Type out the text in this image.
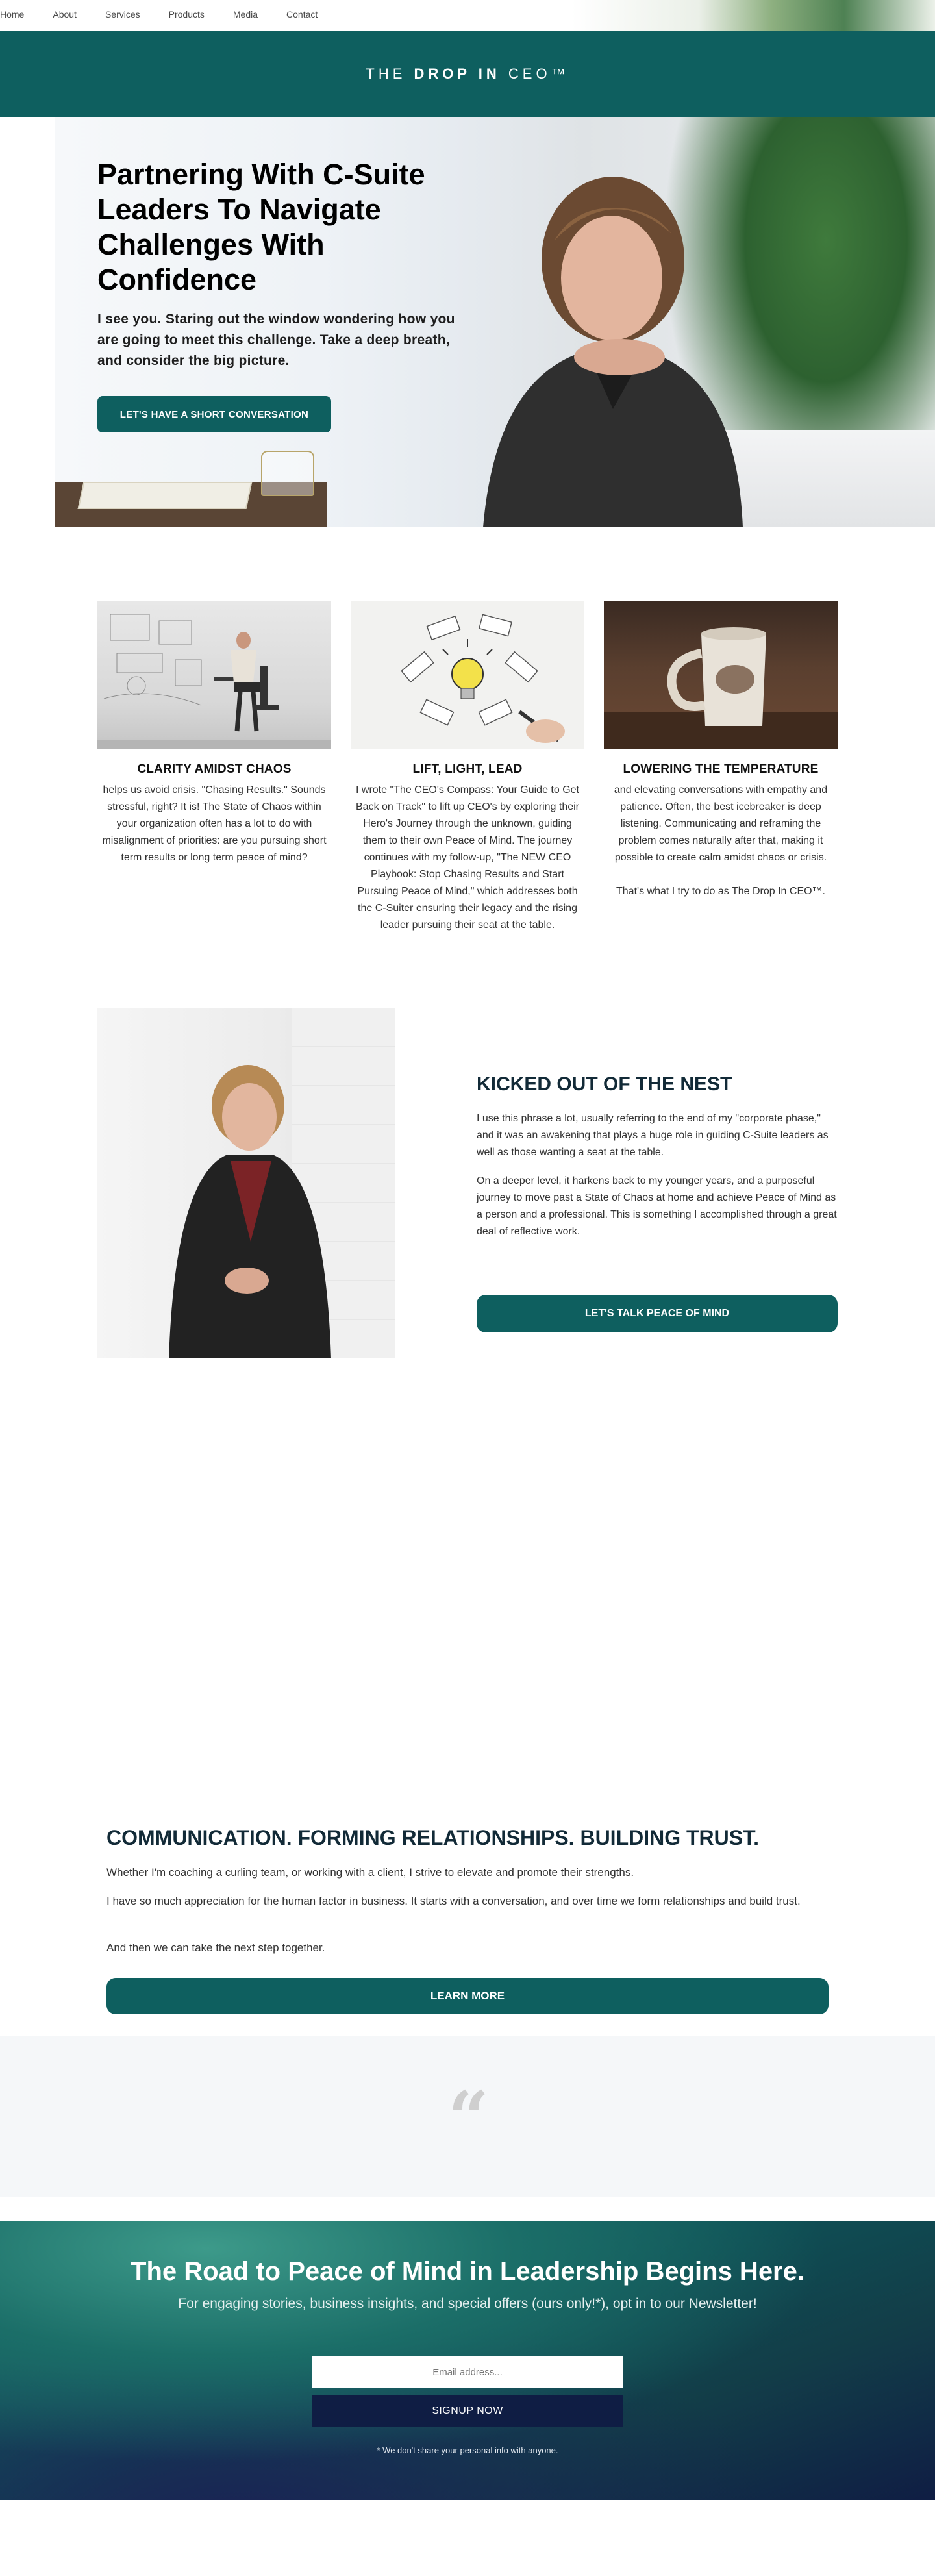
Home	About	Services	Products	Media	Contact
THE DROP IN CEO™
Partnering With C-Suite Leaders To Navigate Challenges With Confidence

I see you. Staring out the window wondering how you are going to meet this challenge. Take a deep breath, and consider the big picture.

LET'S HAVE A SHORT CONVERSATION
CLARITY AMIDST CHAOS

helps us avoid crisis. "Chasing Results." Sounds stressful, right? It is! The State of Chaos within your organization often has a lot to do with misalignment of priorities: are you pursuing short term results or long term peace of mind?

LIFT, LIGHT, LEAD

I wrote "The CEO's Compass: Your Guide to Get Back on Track" to lift up CEO's by exploring their Hero's Journey through the unknown, guiding them to their own Peace of Mind. The journey continues with my follow-up, "The NEW CEO Playbook: Stop Chasing Results and Start Pursuing Peace of Mind," which addresses both the C-Suiter ensuring their legacy and the rising leader pursuing their seat at the table.

LOWERING THE TEMPERATURE

and elevating conversations with empathy and patience. Often, the best icebreaker is deep listening. Communicating and reframing the problem comes naturally after that, making it possible to create calm amidst chaos or crisis.

That's what I try to do as The Drop In CEO™.

KICKED OUT OF THE NEST

I use this phrase a lot, usually referring to the end of my "corporate phase," and it was an awakening that plays a huge role in guiding C-Suite leaders as well as those wanting a seat at the table.

On a deeper level, it harkens back to my younger years, and a purposeful journey to move past a State of Chaos at home and achieve Peace of Mind as a person and a professional. This is something I accomplished through a great deal of reflective work.

LET'S TALK PEACE OF MIND
COMMUNICATION. FORMING RELATIONSHIPS. BUILDING TRUST.

Whether I'm coaching a curling team, or working with a client, I strive to elevate and promote their strengths.

I have so much appreciation for the human factor in business. It starts with a conversation, and over time we form relationships and build trust.

And then we can take the next step together.

LEARN MORE
“
The Road to Peace of Mind in Leadership Begins Here.

For engaging stories, business insights, and special offers (ours only!*), opt in to our Newsletter!

Email address...
SIGNUP NOW

* We don't share your personal info with anyone.
